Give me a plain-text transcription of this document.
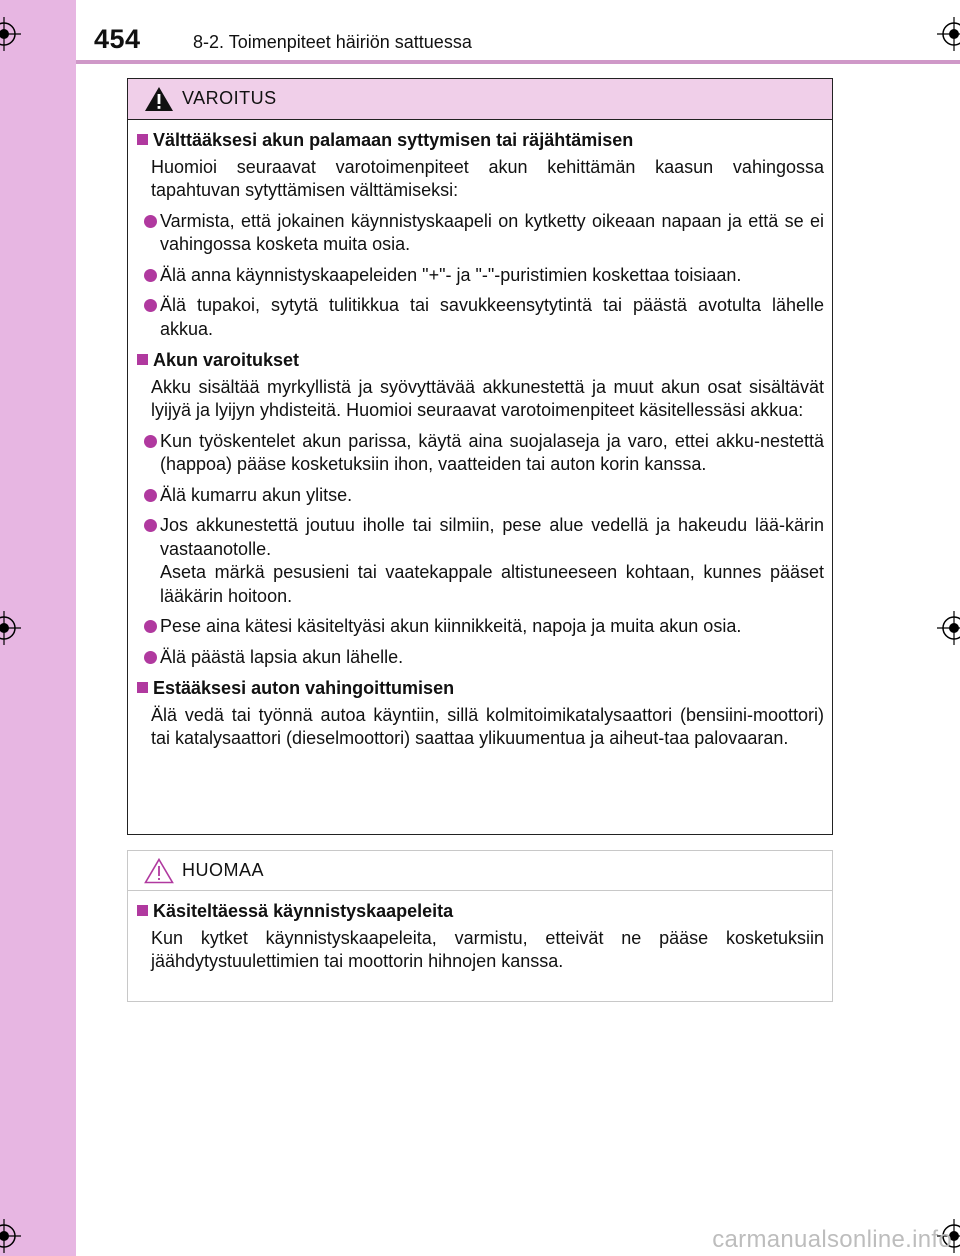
454	8-2. Toimenpiteet häiriön sattuessa
VAROITUS
Välttääksesi akun palamaan syttymisen tai räjähtämisen
Huomioi seuraavat varotoimenpiteet akun kehittämän kaasun vahingossa tapahtuvan sytyttämisen välttämiseksi:
Varmista, että jokainen käynnistyskaapeli on kytketty oikeaan napaan ja että se ei vahingossa kosketa muita osia.
Älä anna käynnistyskaapeleiden "+"- ja "-"-puristimien koskettaa toisiaan.
Älä tupakoi, sytytä tulitikkua tai savukkeensytytintä tai päästä avotulta lähelle akkua.
Akun varoitukset
Akku sisältää myrkyllistä ja syövyttävää akkunestettä ja muut akun osat sisältävät lyijyä ja lyijyn yhdisteitä. Huomioi seuraavat varotoimenpiteet käsitellessäsi akkua:
Kun työskentelet akun parissa, käytä aina suojalaseja ja varo, ettei akku-nestettä (happoa) pääse kosketuksiin ihon, vaatteiden tai auton korin kanssa.
Älä kumarru akun ylitse.
Jos akkunestettä joutuu iholle tai silmiin, pese alue vedellä ja hakeudu lää-kärin vastaanotolle.
Aseta märkä pesusieni tai vaatekappale altistuneeseen kohtaan, kunnes pääset lääkärin hoitoon.
Pese aina kätesi käsiteltyäsi akun kiinnikkeitä, napoja ja muita akun osia.
Älä päästä lapsia akun lähelle.
Estääksesi auton vahingoittumisen
Älä vedä tai työnnä autoa käyntiin, sillä kolmitoimikatalysaattori (bensiini-moottori) tai katalysaattori (dieselmoottori) saattaa ylikuumentua ja aiheut-taa palovaaran.
HUOMAA
Käsiteltäessä käynnistyskaapeleita
Kun kytket käynnistyskaapeleita, varmistu, etteivät ne pääse kosketuksiin jäähdytystuulettimien tai moottorin hihnojen kanssa.
carmanualsonline.info
